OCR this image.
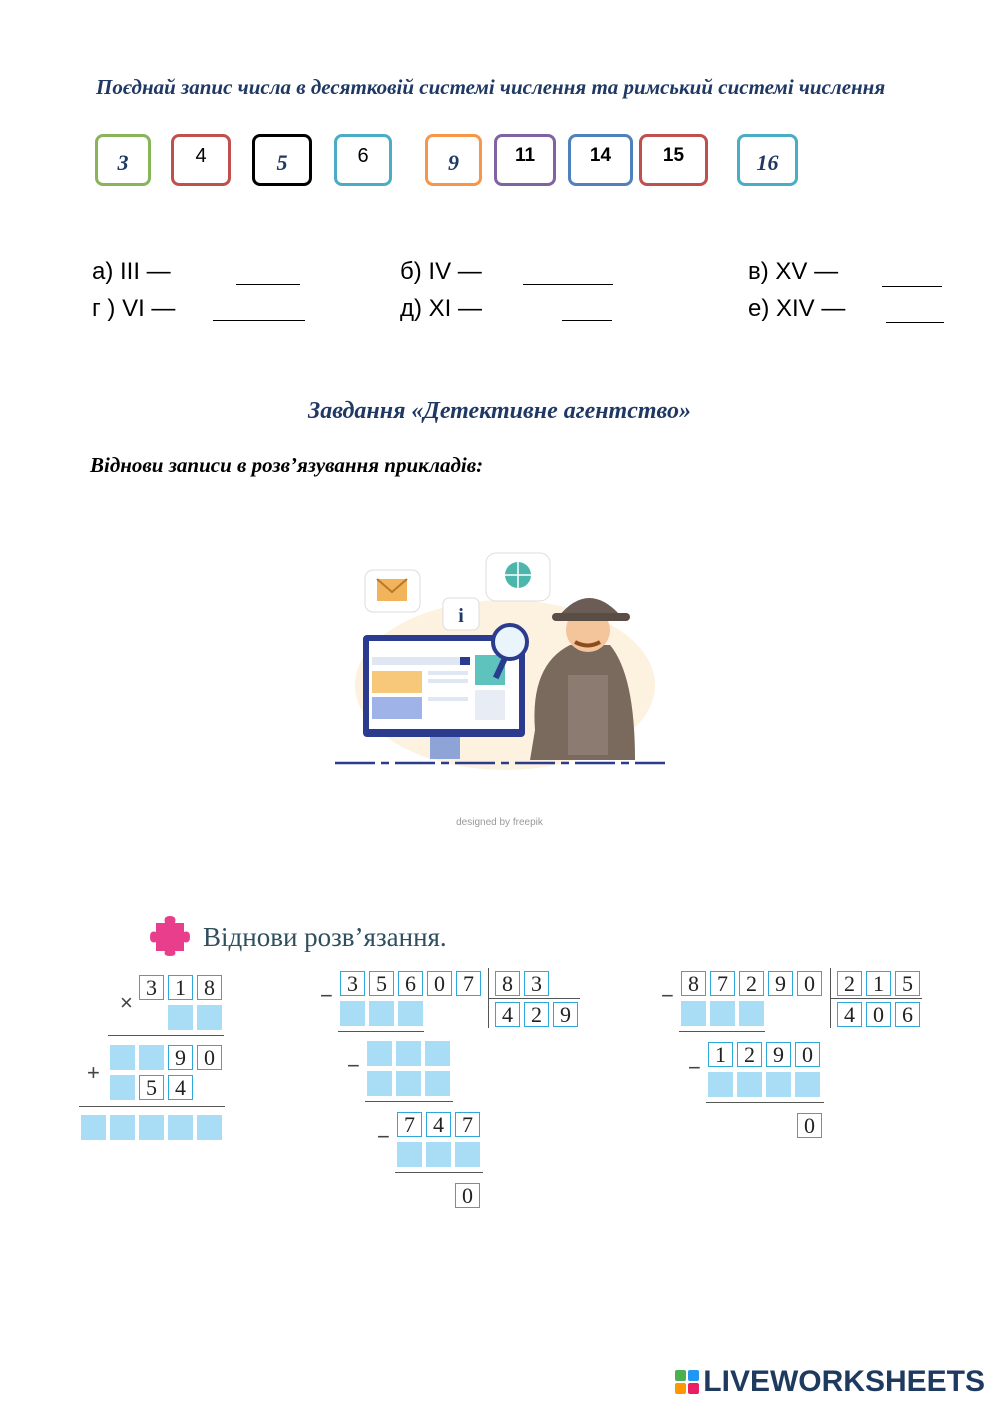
Поєднай запис числа в десятковій системі числення та римський системі числення
3	4	5	6	9	11	14	15	16
а) III —	б) IV —	в) XV —
г ) VI —	д) XI —	е) XIV —
Завдання «Детективне агентство»
Віднови записи в розв’язування прикладів:
i
designed by freepik
Віднови розв’язання.
×
3 1 8
9 0
+
5 4
− 3 5 6 0 7	8 3
4 2 9
−
− 7 4 7
0
− 8 7 2 9 0	2 1 5
4 0 6
−
1 2 9 0
0
LIVEWORKSHEETS
